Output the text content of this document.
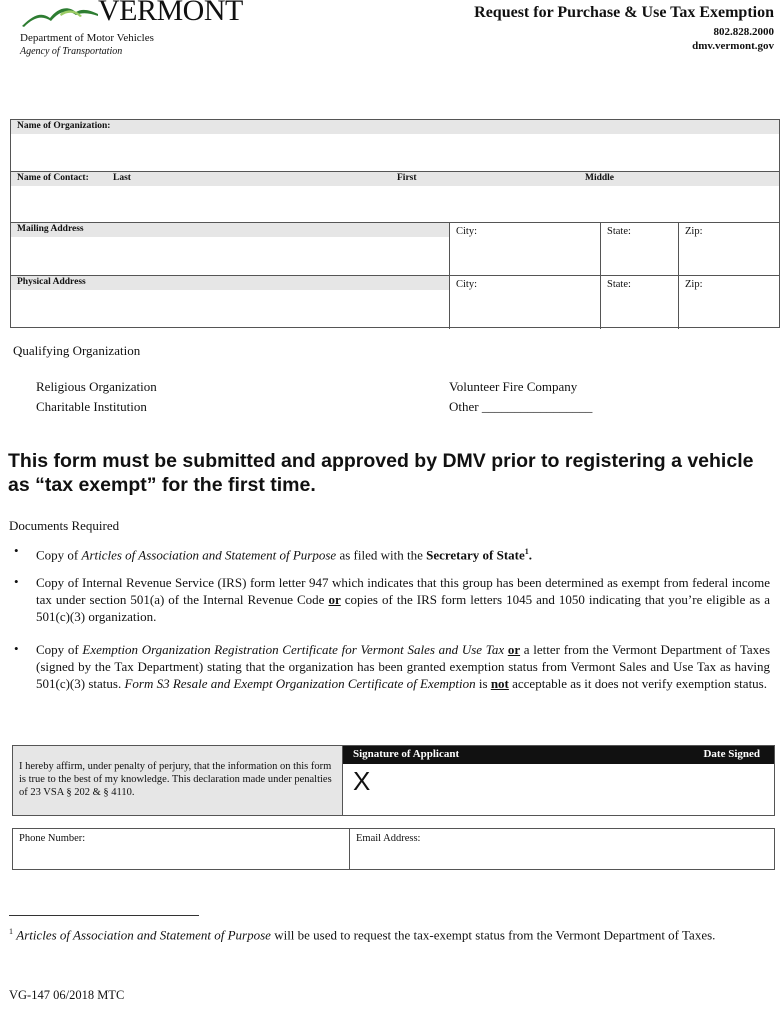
VERMONT
Department of Motor Vehicles
Agency of Transportation
Request for Purchase & Use Tax Exemption
802.828.2000
dmv.vermont.gov
Name of Organization:
Name of Contact:	Last	First	Middle
Mailing Address	City:	State:	Zip:
Physical Address	City:	State:	Zip:
Qualifying Organization
Religious Organization
Charitable Institution
Volunteer Fire Company
Other _________________
This form must be submitted and approved by DMV prior to registering a vehicle as “tax exempt” for the first time.
Documents Required
• Copy of Articles of Association and Statement of Purpose as filed with the Secretary of State$^1$.
• Copy of Internal Revenue Service (IRS) form letter 947 which indicates that this group has been determined as exempt from federal income tax under section 501(a) of the Internal Revenue Code or copies of the IRS form letters 1045 and 1050 indicating that you’re eligible as a 501(c)(3) organization.
• Copy of Exemption Organization Registration Certificate for Vermont Sales and Use Tax or a letter from the Vermont Department of Taxes (signed by the Tax Department) stating that the organization has been granted exemption status from Vermont Sales and Use Tax as having 501(c)(3) status. Form S3 Resale and Exempt Organization Certificate of Exemption is not acceptable as it does not verify exemption status.
I hereby affirm, under penalty of perjury, that the information on this form is true to the best of my knowledge. This declaration made under penalties of 23 VSA § 202 & § 4110.
Signature of Applicant	Date Signed
X
Phone Number:	Email Address:
$^1$ Articles of Association and Statement of Purpose will be used to request the tax-exempt status from the Vermont Department of Taxes.
VG-147 06/2018 MTC
